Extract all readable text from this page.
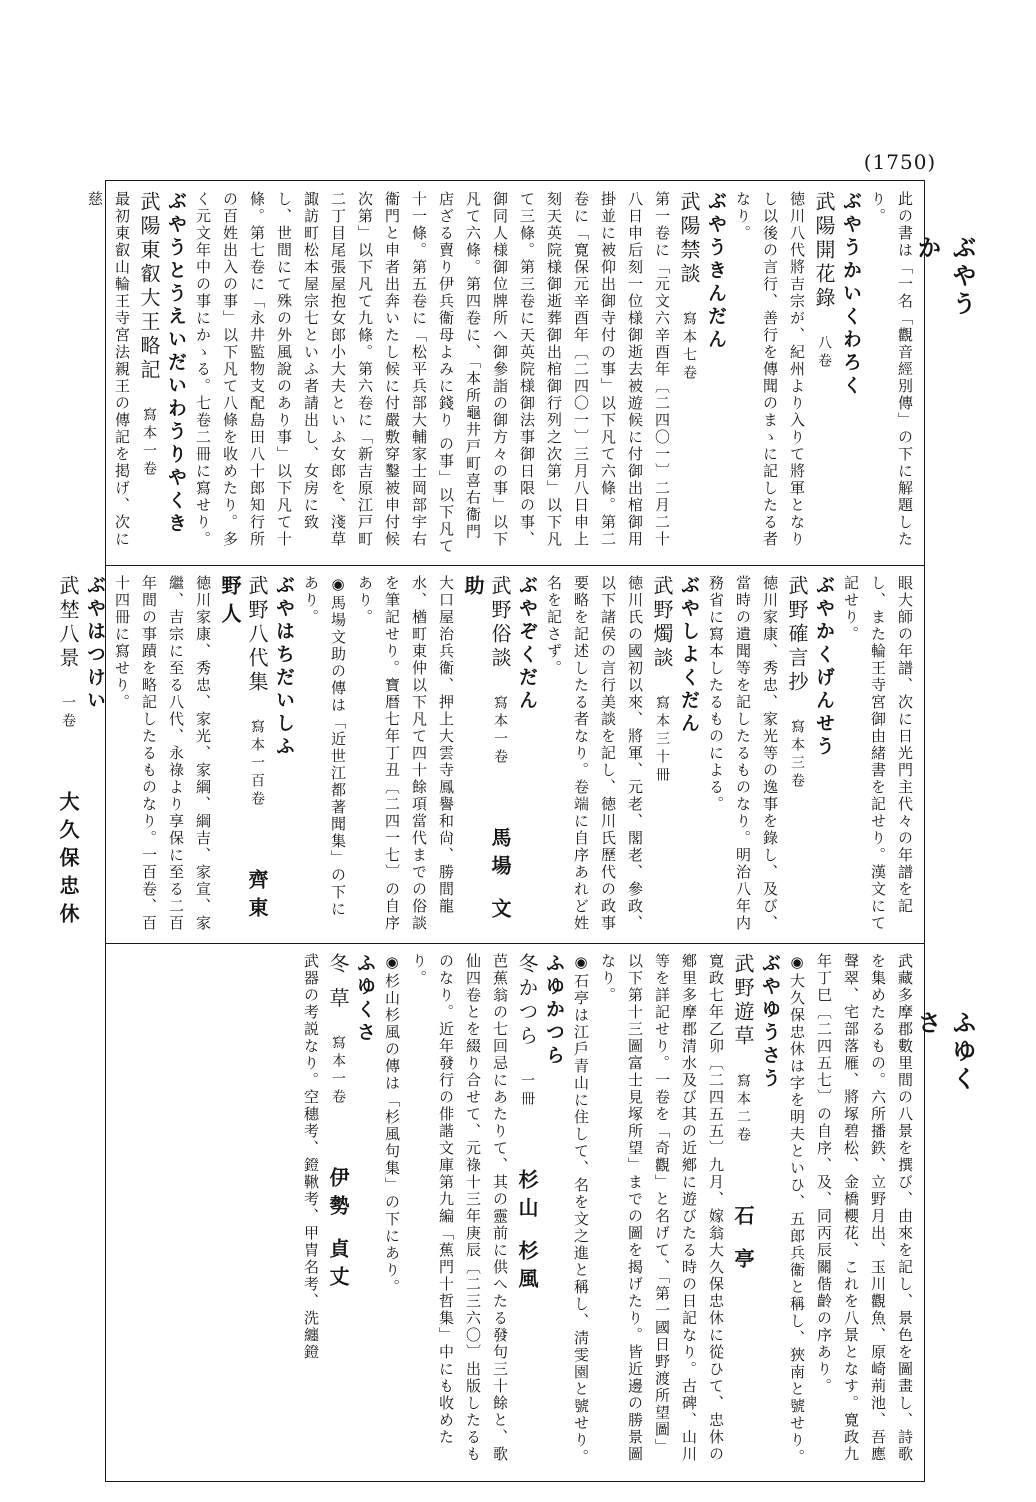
(1750)
ぶやうか
ふゆくさ

此の書は「一名「觀音經別傳」の下に解題したり。

ぶやうかいくわろく

武陽開花錄　八卷

徳川八代將吉宗が、紀州より入りて將軍となりし以後の言行、善行を傳聞のまゝに記したる者なり。

ぶやうきんだん

武陽禁談　寫本七卷

第一卷に「元文六辛酉年〔二四〇一〕二月二十八日申后刻一位様御逝去被遊候に付御出棺御用掛並に被仰出御寺付の事」以下凡て六條。第二卷に「寛保元辛酉年〔二四〇一〕三月八日申上刻天英院様御逝葬御出棺御行列之次第」以下凡て三條。第三卷に天英院様御法事御日限の事、御同人様御位牌所へ御參詣の御方々の事」以下凡て六條。第四卷に、「本所龜井戸町喜右衞門店ざる賣り伊兵衞母よみに錢り の事」以下凡て十一條。第五卷に「松平兵部大輔家士岡部宇右衞門と申者出奔いたし候に付嚴敷穿鑿被申付候次第」以下凡て九條。第六卷に「新吉原江戸町二丁目尾張屋抱女郎小大夫といふ女郎を、淺草諏訪町松本屋宗七といふ者請出し、女房に致し、世間にて殊の外風說のあり事」以下凡て十條。第七卷に「永井監物支配島田八十郎知行所の百姓出入の事」以下凡て八條を收めたり。多く元文年中の事にかゝる。七卷二冊に寫せり。

ぶやうとうえいだいわうりやくき

武陽東叡大王略記　寫本一卷

最初東叡山輪王寺宮法親王の傳記を掲げ、次に慈

眼大師の年譜、次に日光門主代々の年譜を記し、また輪王寺宮御由緒書を記せり。漢文にて記せり。

ぶやかくげんせう

武野確言抄　寫本三卷

徳川家康、秀忠、家光等の逸事を錄し、及び、當時の遺聞等を記したるものなり。明治八年内務省に寫本したるものによる。

ぶやしよくだん

武野燭談　寫本三十冊

徳川氏の國初以來、將軍、元老、閣老、參政、以下諸侯の言行美談を記し、徳川氏歷代の政事要略を記述したる者なり。卷端に自序あれど姓名を記さず。

ぶやぞくだん

武野俗談　寫本一卷馬場 文助

大口屋治兵衞、押上大雲寺鳳譽和尙、勝間龍水、楢町東仲以下凡て四十餘項當代までの俗談を筆記せり。寶暦七年丁丑〔二四一七〕の自序あり。

◉馬場文助の傳は「近世江都著聞集」の下にあり。

ぶやはちだいしふ

武野八代集　寫本一百卷齊東野人

徳川家康、秀忠、家光、家綱、綱吉、家宣、家繼、吉宗に至る八代、永祿より享保に至る二百年間の事蹟を略記したるものなり。一百卷、百十四冊に寫せり。

ぶやはつけい

武埜八景　一卷大久保忠休

武藏多摩郡數里間の八景を撰び、由來を記し、景色を圖畫し、詩歌を集めたるもの。六所播鉄、立野月出、玉川觀魚、原崎荊池、吾應聲翠、宅部落雁、將塚碧松、金橋櫻花、これを八景となす。寛政九年丁巳〔二四五七〕の自序、及、同丙辰關偕齡の序あり。

◉大久保忠休は字を明夫といひ、五郎兵衞と稱し、狹南と號せり。

ぶやゆうさう

武野遊草　寫本二卷石 亭

寛政七年乙卯〔二四五五〕九月、嫁翁大久保忠休に從ひて、忠休の鄕里多摩郡清水及び其の近鄕に遊びたる時の日記なり。古碑、山川等を詳記せり。一卷を「奇觀」と名げて、「第一國日野渡所望圖」以下第十三圖富士見塚所望」までの圖を揭げたり。皆近邊の勝景圖なり。

◉石亭は江戶青山に住して、名を文之進と稱し、淸雯園と號せり。

ふゆかつら

冬かつら　一冊杉山 杉風

芭蕉翁の七回忌にあたりて、其の靈前に供へたる發句三十餘と、歌仙四卷とを綴り合せて、元祿十三年庚辰〔二三六〇〕出版したるものなり。近年發行の俳諧文庫第九編「蕉門十哲集」中にも收めたり。

◉杉山杉風の傳は「杉風句集」の下にあり。

ふゆくさ

冬 草　寫本一卷伊勢 貞丈

武器の考説なり。空穗考、鐙鞦考、甲胄名考、洗纏鐙
